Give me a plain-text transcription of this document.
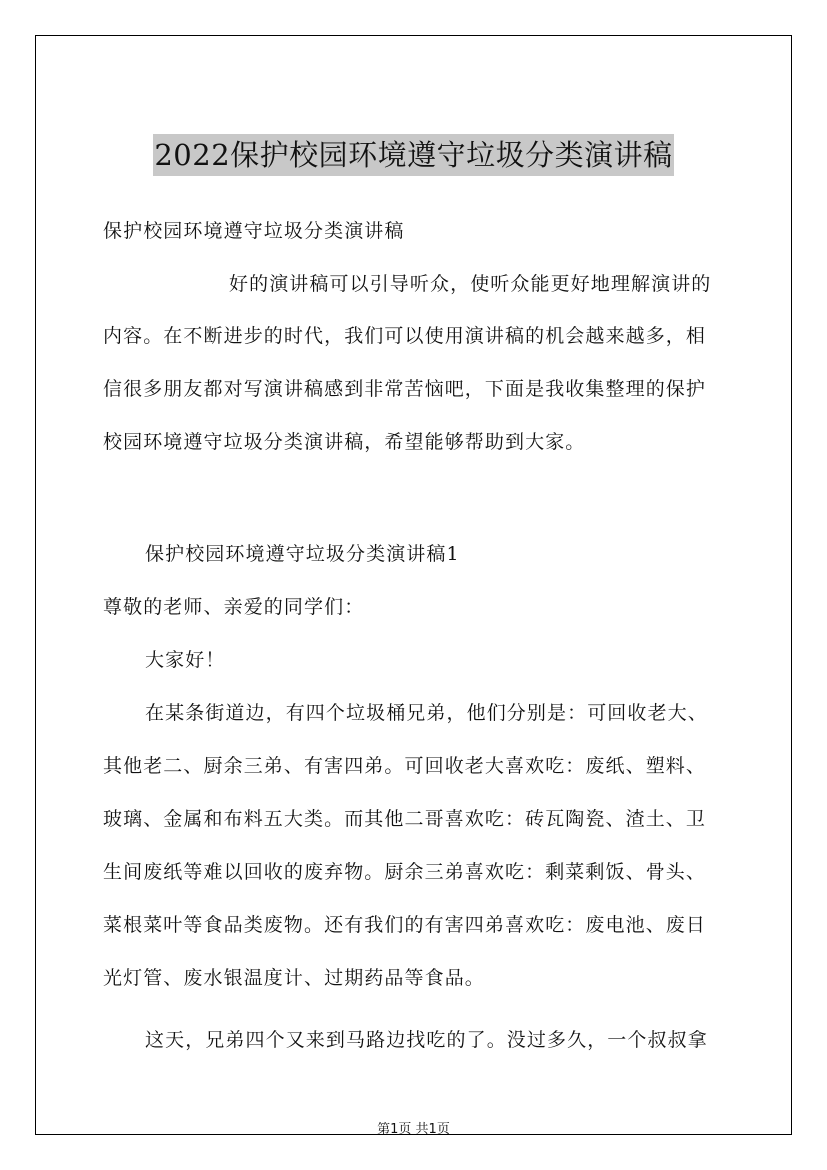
2022保护校园环境遵守垃圾分类演讲稿
保护校园环境遵守垃圾分类演讲稿
好的演讲稿可以引导听众，使听众能更好地理解演讲的
内容。在不断进步的时代，我们可以使用演讲稿的机会越来越多，相
信很多朋友都对写演讲稿感到非常苦恼吧，下面是我收集整理的保护
校园环境遵守垃圾分类演讲稿，希望能够帮助到大家。
保护校园环境遵守垃圾分类演讲稿1
尊敬的老师、亲爱的同学们：
大家好！
在某条街道边，有四个垃圾桶兄弟，他们分别是：可回收老大、
其他老二、厨余三弟、有害四弟。可回收老大喜欢吃：废纸、塑料、
玻璃、金属和布料五大类。而其他二哥喜欢吃：砖瓦陶瓷、渣土、卫
生间废纸等难以回收的废弃物。厨余三弟喜欢吃：剩菜剩饭、骨头、
菜根菜叶等食品类废物。还有我们的有害四弟喜欢吃：废电池、废日
光灯管、废水银温度计、过期药品等食品。
这天，兄弟四个又来到马路边找吃的了。没过多久，一个叔叔拿
第1页 共1页
